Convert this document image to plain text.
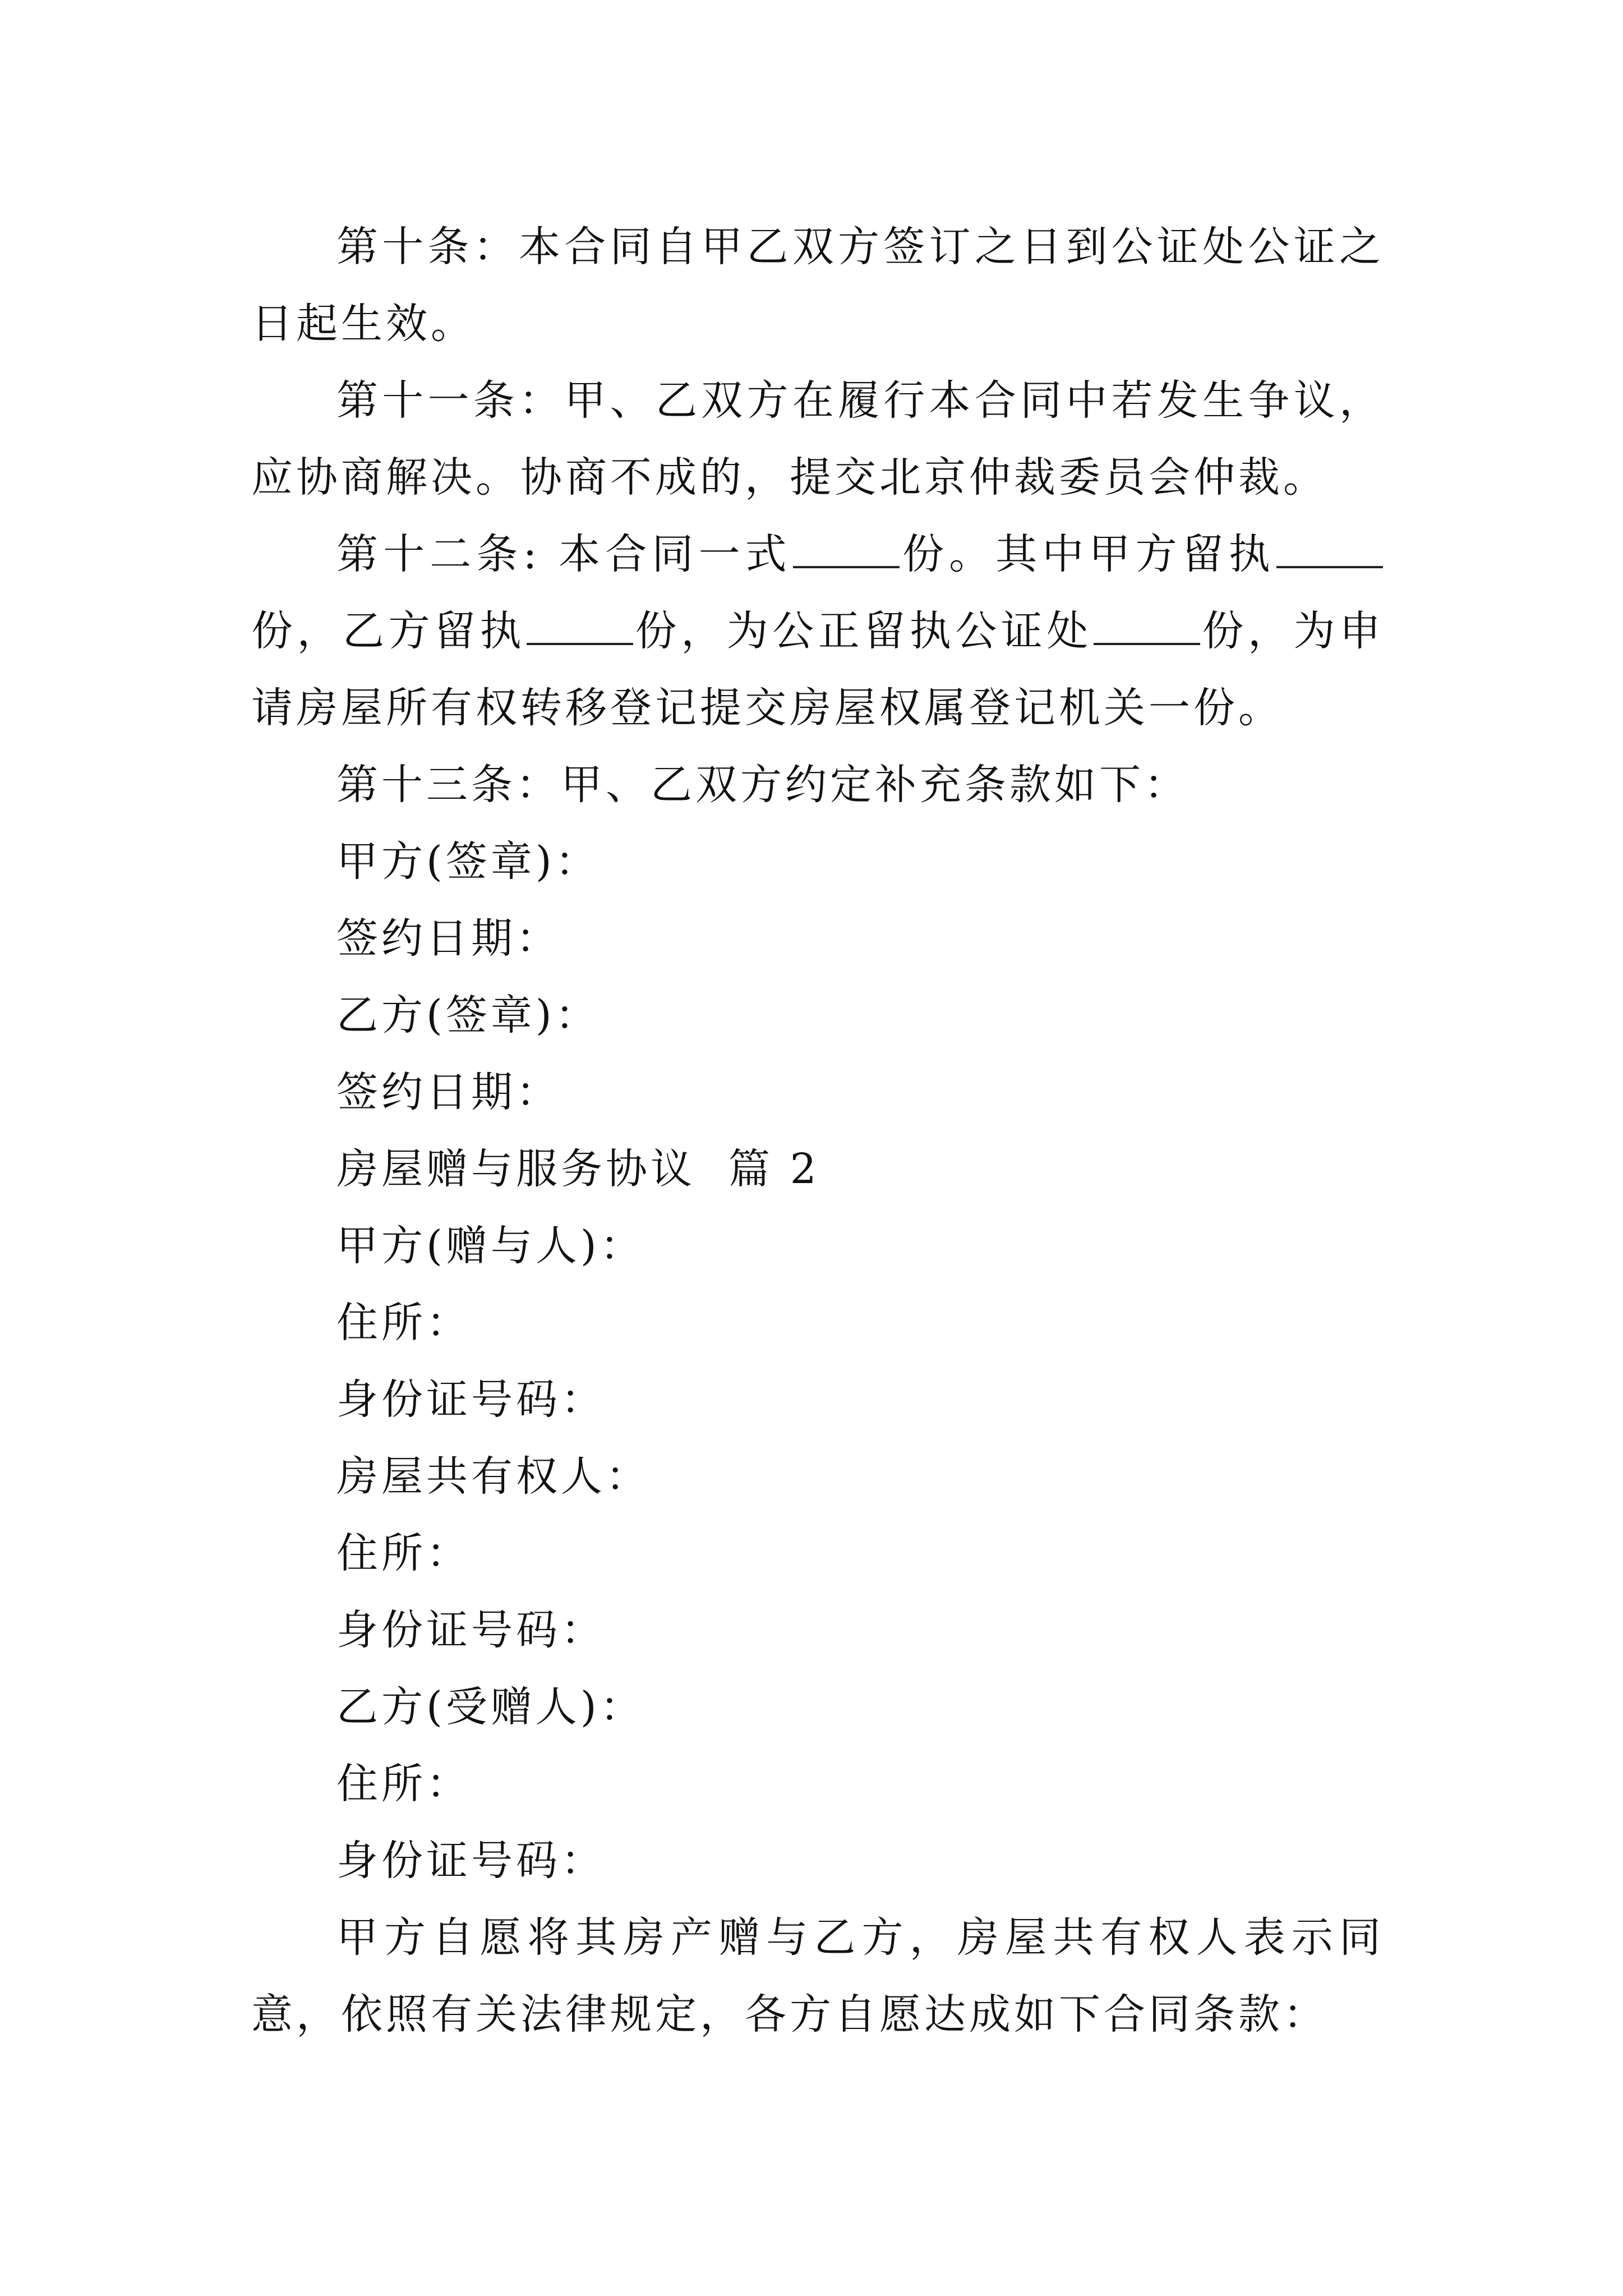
第十条：本合同自甲乙双方签订之日到公证处公证之日起生效。

第十一条：甲、乙双方在履行本合同中若发生争议，应协商解决。协商不成的，提交北京仲裁委员会仲裁。

第十二条: 本合同一式	份。其中甲方留执份，乙方留执	份，为公正留执公证处	份，为申请房屋所有权转移登记提交房屋权属登记机关一份。

第十三条：甲、乙双方约定补充条款如下：

甲方(签章)：

签约日期：

乙方(签章)：

签约日期：

房屋赠与服务协议  篇 2

甲方(赠与人)：

住所：

身份证号码：

房屋共有权人：

住所：

身份证号码：

乙方(受赠人)：

住所：

身份证号码：

甲方自愿将其房产赠与乙方，房屋共有权人表示同意，依照有关法律规定，各方自愿达成如下合同条款：
